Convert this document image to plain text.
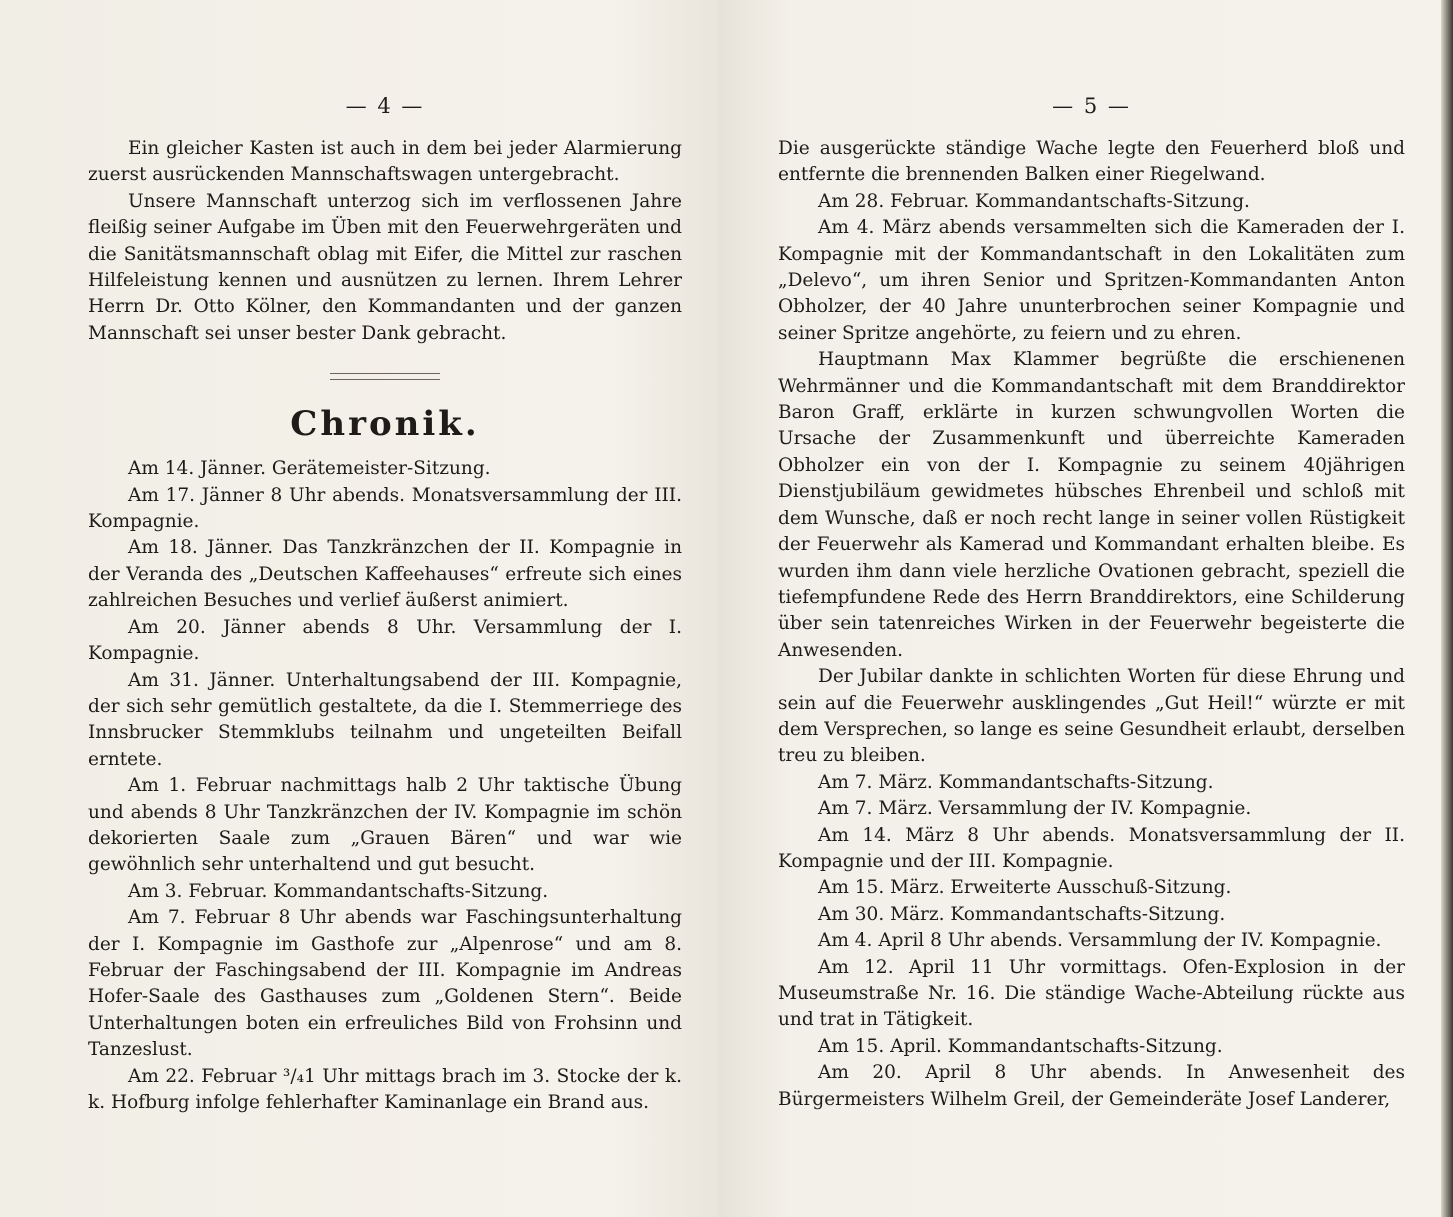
— 4 —

Ein gleicher Kasten ist auch in dem bei jeder Alarmierung zuerst ausrückenden Mannschaftswagen untergebracht.

Unsere Mannschaft unterzog sich im verflossenen Jahre fleißig seiner Aufgabe im Üben mit den Feuerwehrgeräten und die Sanitätsmannschaft oblag mit Eifer, die Mittel zur raschen Hilfeleistung kennen und ausnützen zu lernen. Ihrem Lehrer Herrn Dr. Otto Kölner, den Kommandanten und der ganzen Mannschaft sei unser bester Dank gebracht.

Chronik.

Am 14. Jänner. Gerätemeister-Sitzung.

Am 17. Jänner 8 Uhr abends. Monatsversammlung der III. Kompagnie.

Am 18. Jänner. Das Tanzkränzchen der II. Kompagnie in der Veranda des „Deutschen Kaffeehauses“ erfreute sich eines zahlreichen Besuches und verlief äußerst animiert.

Am 20. Jänner abends 8 Uhr. Versammlung der I. Kompagnie.

Am 31. Jänner. Unterhaltungsabend der III. Kompagnie, der sich sehr gemütlich gestaltete, da die I. Stemmerriege des Innsbrucker Stemmklubs teilnahm und ungeteilten Beifall erntete.

Am 1. Februar nachmittags halb 2 Uhr taktische Übung und abends 8 Uhr Tanzkränzchen der IV. Kompagnie im schön dekorierten Saale zum „Grauen Bären“ und war wie gewöhnlich sehr unterhaltend und gut besucht.

Am 3. Februar. Kommandantschafts-Sitzung.

Am 7. Februar 8 Uhr abends war Faschingsunterhaltung der I. Kompagnie im Gasthofe zur „Alpenrose“ und am 8. Februar der Faschingsabend der III. Kompagnie im Andreas Hofer-Saale des Gasthauses zum „Goldenen Stern“. Beide Unterhaltungen boten ein erfreuliches Bild von Frohsinn und Tanzeslust.

Am 22. Februar ³/₄1 Uhr mittags brach im 3. Stocke der k. k. Hofburg infolge fehlerhafter Kaminanlage ein Brand aus.

— 5 —

Die ausgerückte ständige Wache legte den Feuerherd bloß und entfernte die brennenden Balken einer Riegelwand.

Am 28. Februar. Kommandantschafts-Sitzung.

Am 4. März abends versammelten sich die Kameraden der I. Kompagnie mit der Kommandantschaft in den Lokalitäten zum „Delevo“, um ihren Senior und Spritzen-Kommandanten Anton Obholzer, der 40 Jahre ununterbrochen seiner Kompagnie und seiner Spritze angehörte, zu feiern und zu ehren.

Hauptmann Max Klammer begrüßte die erschienenen Wehrmänner und die Kommandantschaft mit dem Branddirektor Baron Graff, erklärte in kurzen schwungvollen Worten die Ursache der Zusammenkunft und überreichte Kameraden Obholzer ein von der I. Kompagnie zu seinem 40jährigen Dienstjubiläum gewidmetes hübsches Ehrenbeil und schloß mit dem Wunsche, daß er noch recht lange in seiner vollen Rüstigkeit der Feuerwehr als Kamerad und Kommandant erhalten bleibe. Es wurden ihm dann viele herzliche Ovationen gebracht, speziell die tiefempfundene Rede des Herrn Branddirektors, eine Schilderung über sein tatenreiches Wirken in der Feuerwehr begeisterte die Anwesenden.

Der Jubilar dankte in schlichten Worten für diese Ehrung und sein auf die Feuerwehr ausklingendes „Gut Heil!“ würzte er mit dem Versprechen, so lange es seine Gesundheit erlaubt, derselben treu zu bleiben.

Am 7. März. Kommandantschafts-Sitzung.

Am 7. März. Versammlung der IV. Kompagnie.

Am 14. März 8 Uhr abends. Monatsversammlung der II. Kompagnie und der III. Kompagnie.

Am 15. März. Erweiterte Ausschuß-Sitzung.

Am 30. März. Kommandantschafts-Sitzung.

Am 4. April 8 Uhr abends. Versammlung der IV. Kompagnie.

Am 12. April 11 Uhr vormittags. Ofen-Explosion in der Museumstraße Nr. 16. Die ständige Wache-Abteilung rückte aus und trat in Tätigkeit.

Am 15. April. Kommandantschafts-Sitzung.

Am 20. April 8 Uhr abends. In Anwesenheit des Bürgermeisters Wilhelm Greil, der Gemeinderäte Josef Landerer,
